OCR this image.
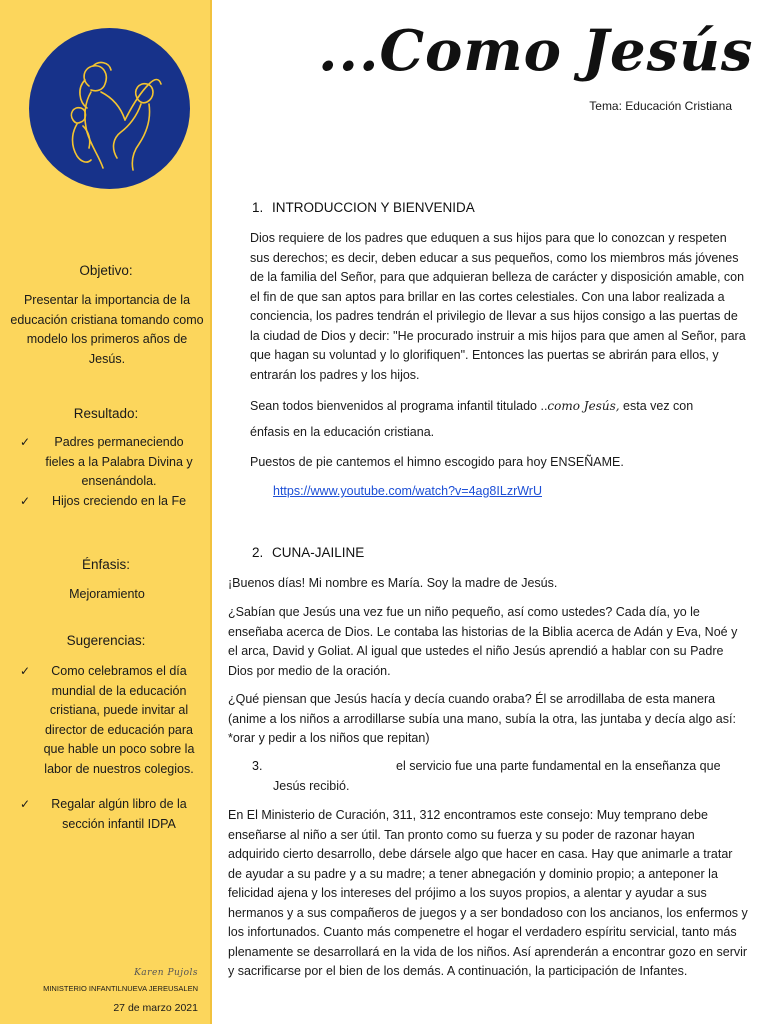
Objetivo:
Presentar la importancia de la educación cristiana tomando como modelo los primeros años de Jesús.
Resultado:
✓ Padres permaneciendo fieles a la Palabra Divina y ensenándola.
✓ Hijos creciendo en la Fe
Énfasis:
Mejoramiento
Sugerencias:
✓ Como celebramos el día mundial de la educación cristiana, puede invitar al director de educación para que hable un poco sobre la labor de nuestros colegios.
✓ Regalar algún libro de la sección infantil IDPA
Karen Pujols
MINISTERIO INFANTILNUEVA JEREUSALEN
27 de marzo 2021
...Como Jesús
Tema: Educación Cristiana
1. INTRODUCCION Y BIENVENIDA
Dios requiere de los padres que eduquen a sus hijos para que lo conozcan y respeten sus derechos; es decir, deben educar a sus pequeños, como los miembros más jóvenes de la familia del Señor, para que adquieran belleza de carácter y disposición amable, con el fin de que san aptos para brillar en las cortes celestiales. Con una labor realizada a conciencia, los padres tendrán el privilegio de llevar a sus hijos consigo a las puertas de la ciudad de Dios y decir: "He procurado instruir a mis hijos para que amen al Señor, para que hagan su voluntad y lo glorifiquen". Entonces las puertas se abrirán para ellos, y entrarán los padres y los hijos.
Sean todos bienvenidos al programa infantil titulado ..como Jesús, esta vez con
énfasis en la educación cristiana.
Puestos de pie cantemos el himno escogido para hoy ENSEÑAME.
https://www.youtube.com/watch?v=4ag8ILzrWrU
2. CUNA-JAILINE
¡Buenos días! Mi nombre es María. Soy la madre de Jesús.
¿Sabían que Jesús una vez fue un niño pequeño, así como ustedes? Cada día, yo le enseñaba acerca de Dios. Le contaba las historias de la Biblia acerca de Adán y Eva, Noé y el arca, David y Goliat. Al igual que ustedes el niño Jesús aprendió a hablar con su Padre Dios por medio de la oración.
¿Qué piensan que Jesús hacía y decía cuando oraba? Él se arrodillaba de esta manera (anime a los niños a arrodillarse subía una mano, subía la otra, las juntaba y decía algo así: *orar y pedir a los niños que repitan)
3.	el servicio fue una parte fundamental en la enseñanza que
Jesús recibió.
En El Ministerio de Curación, 311, 312 encontramos este consejo: Muy temprano debe enseñarse al niño a ser útil. Tan pronto como su fuerza y su poder de razonar hayan adquirido cierto desarrollo, debe dársele algo que hacer en casa. Hay que animarle a tratar de ayudar a su padre y a su madre; a tener abnegación y dominio propio; a anteponer la felicidad ajena y los intereses del prójimo a los suyos propios, a alentar y ayudar a sus hermanos y a sus compañeros de juegos y a ser bondadoso con los ancianos, los enfermos y los infortunados. Cuanto más compenetre el hogar el verdadero espíritu servicial, tanto más plenamente se desarrollará en la vida de los niños. Así aprenderán a encontrar gozo en servir y sacrificarse por el bien de los demás. A continuación, la participación de Infantes.
